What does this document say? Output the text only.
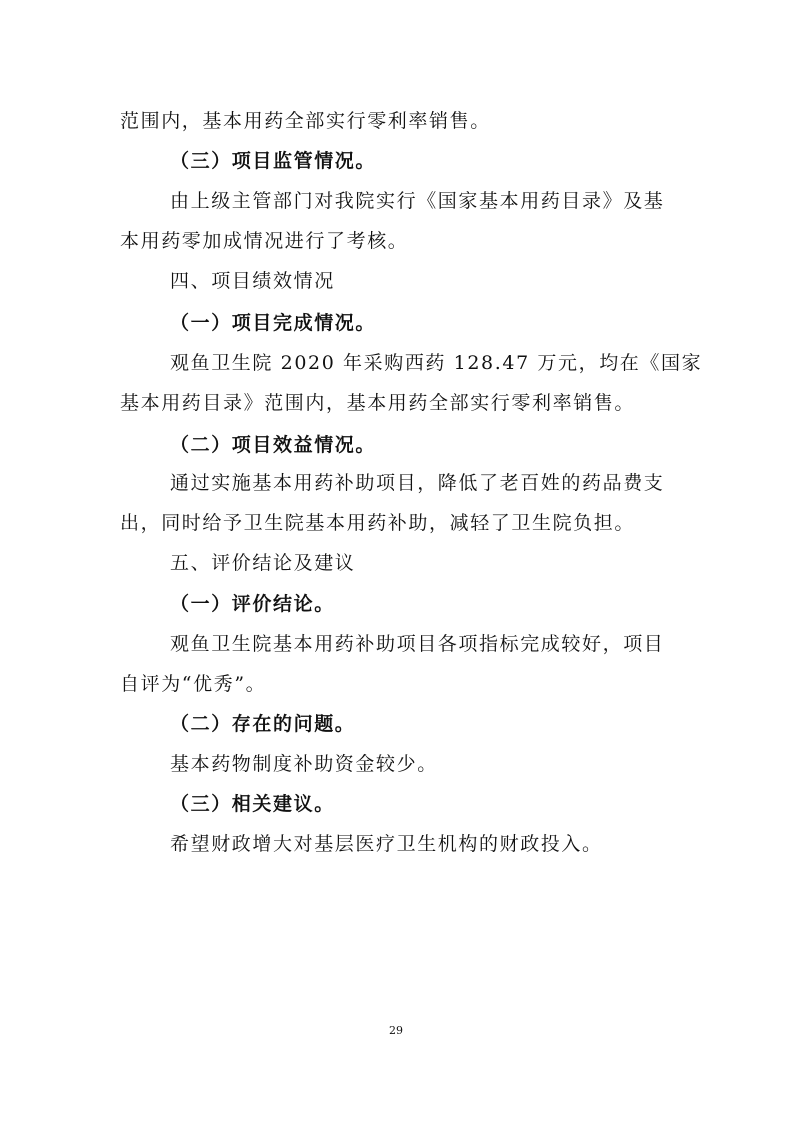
范围内，基本用药全部实行零利率销售。
（三）项目监管情况。
由上级主管部门对我院实行《国家基本用药目录》及基
本用药零加成情况进行了考核。
四、项目绩效情况
（一）项目完成情况。
观鱼卫生院 2020 年采购西药 128.47 万元，均在《国家
基本用药目录》范围内，基本用药全部实行零利率销售。
（二）项目效益情况。
通过实施基本用药补助项目，降低了老百姓的药品费支
出，同时给予卫生院基本用药补助，减轻了卫生院负担。
五、评价结论及建议
（一）评价结论。
观鱼卫生院基本用药补助项目各项指标完成较好，项目
自评为“优秀”。
（二）存在的问题。
基本药物制度补助资金较少。
（三）相关建议。
希望财政增大对基层医疗卫生机构的财政投入。
29
